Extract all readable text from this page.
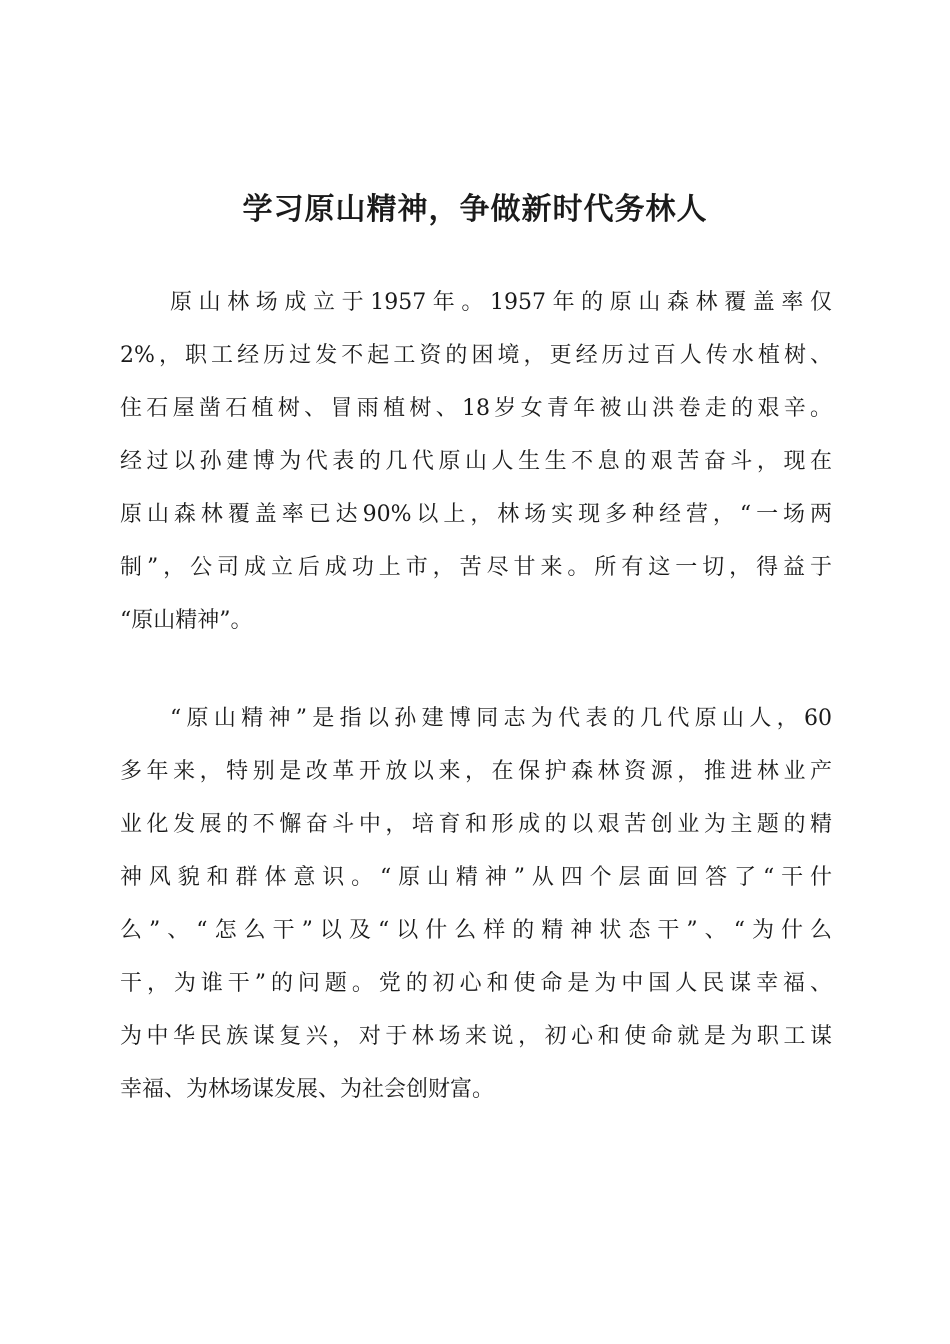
学习原山精神，争做新时代务林人

原山林场成立于1957年。1957年的原山森林覆盖率仅
2%，职工经历过发不起工资的困境，更经历过百人传水植树、
住石屋凿石植树、冒雨植树、18岁女青年被山洪卷走的艰辛。
经过以孙建博为代表的几代原山人生生不息的艰苦奋斗，现在
原山森林覆盖率已达90%以上，林场实现多种经营，“一场两
制”，公司成立后成功上市，苦尽甘来。所有这一切，得益于
“原山精神”。

“原山精神”是指以孙建博同志为代表的几代原山人，60
多年来，特别是改革开放以来，在保护森林资源，推进林业产
业化发展的不懈奋斗中，培育和形成的以艰苦创业为主题的精
神风貌和群体意识。“原山精神”从四个层面回答了“干什
么”、“怎么干”以及“以什么样的精神状态干”、“为什么
干，为谁干”的问题。党的初心和使命是为中国人民谋幸福、
为中华民族谋复兴，对于林场来说，初心和使命就是为职工谋
幸福、为林场谋发展、为社会创财富。
